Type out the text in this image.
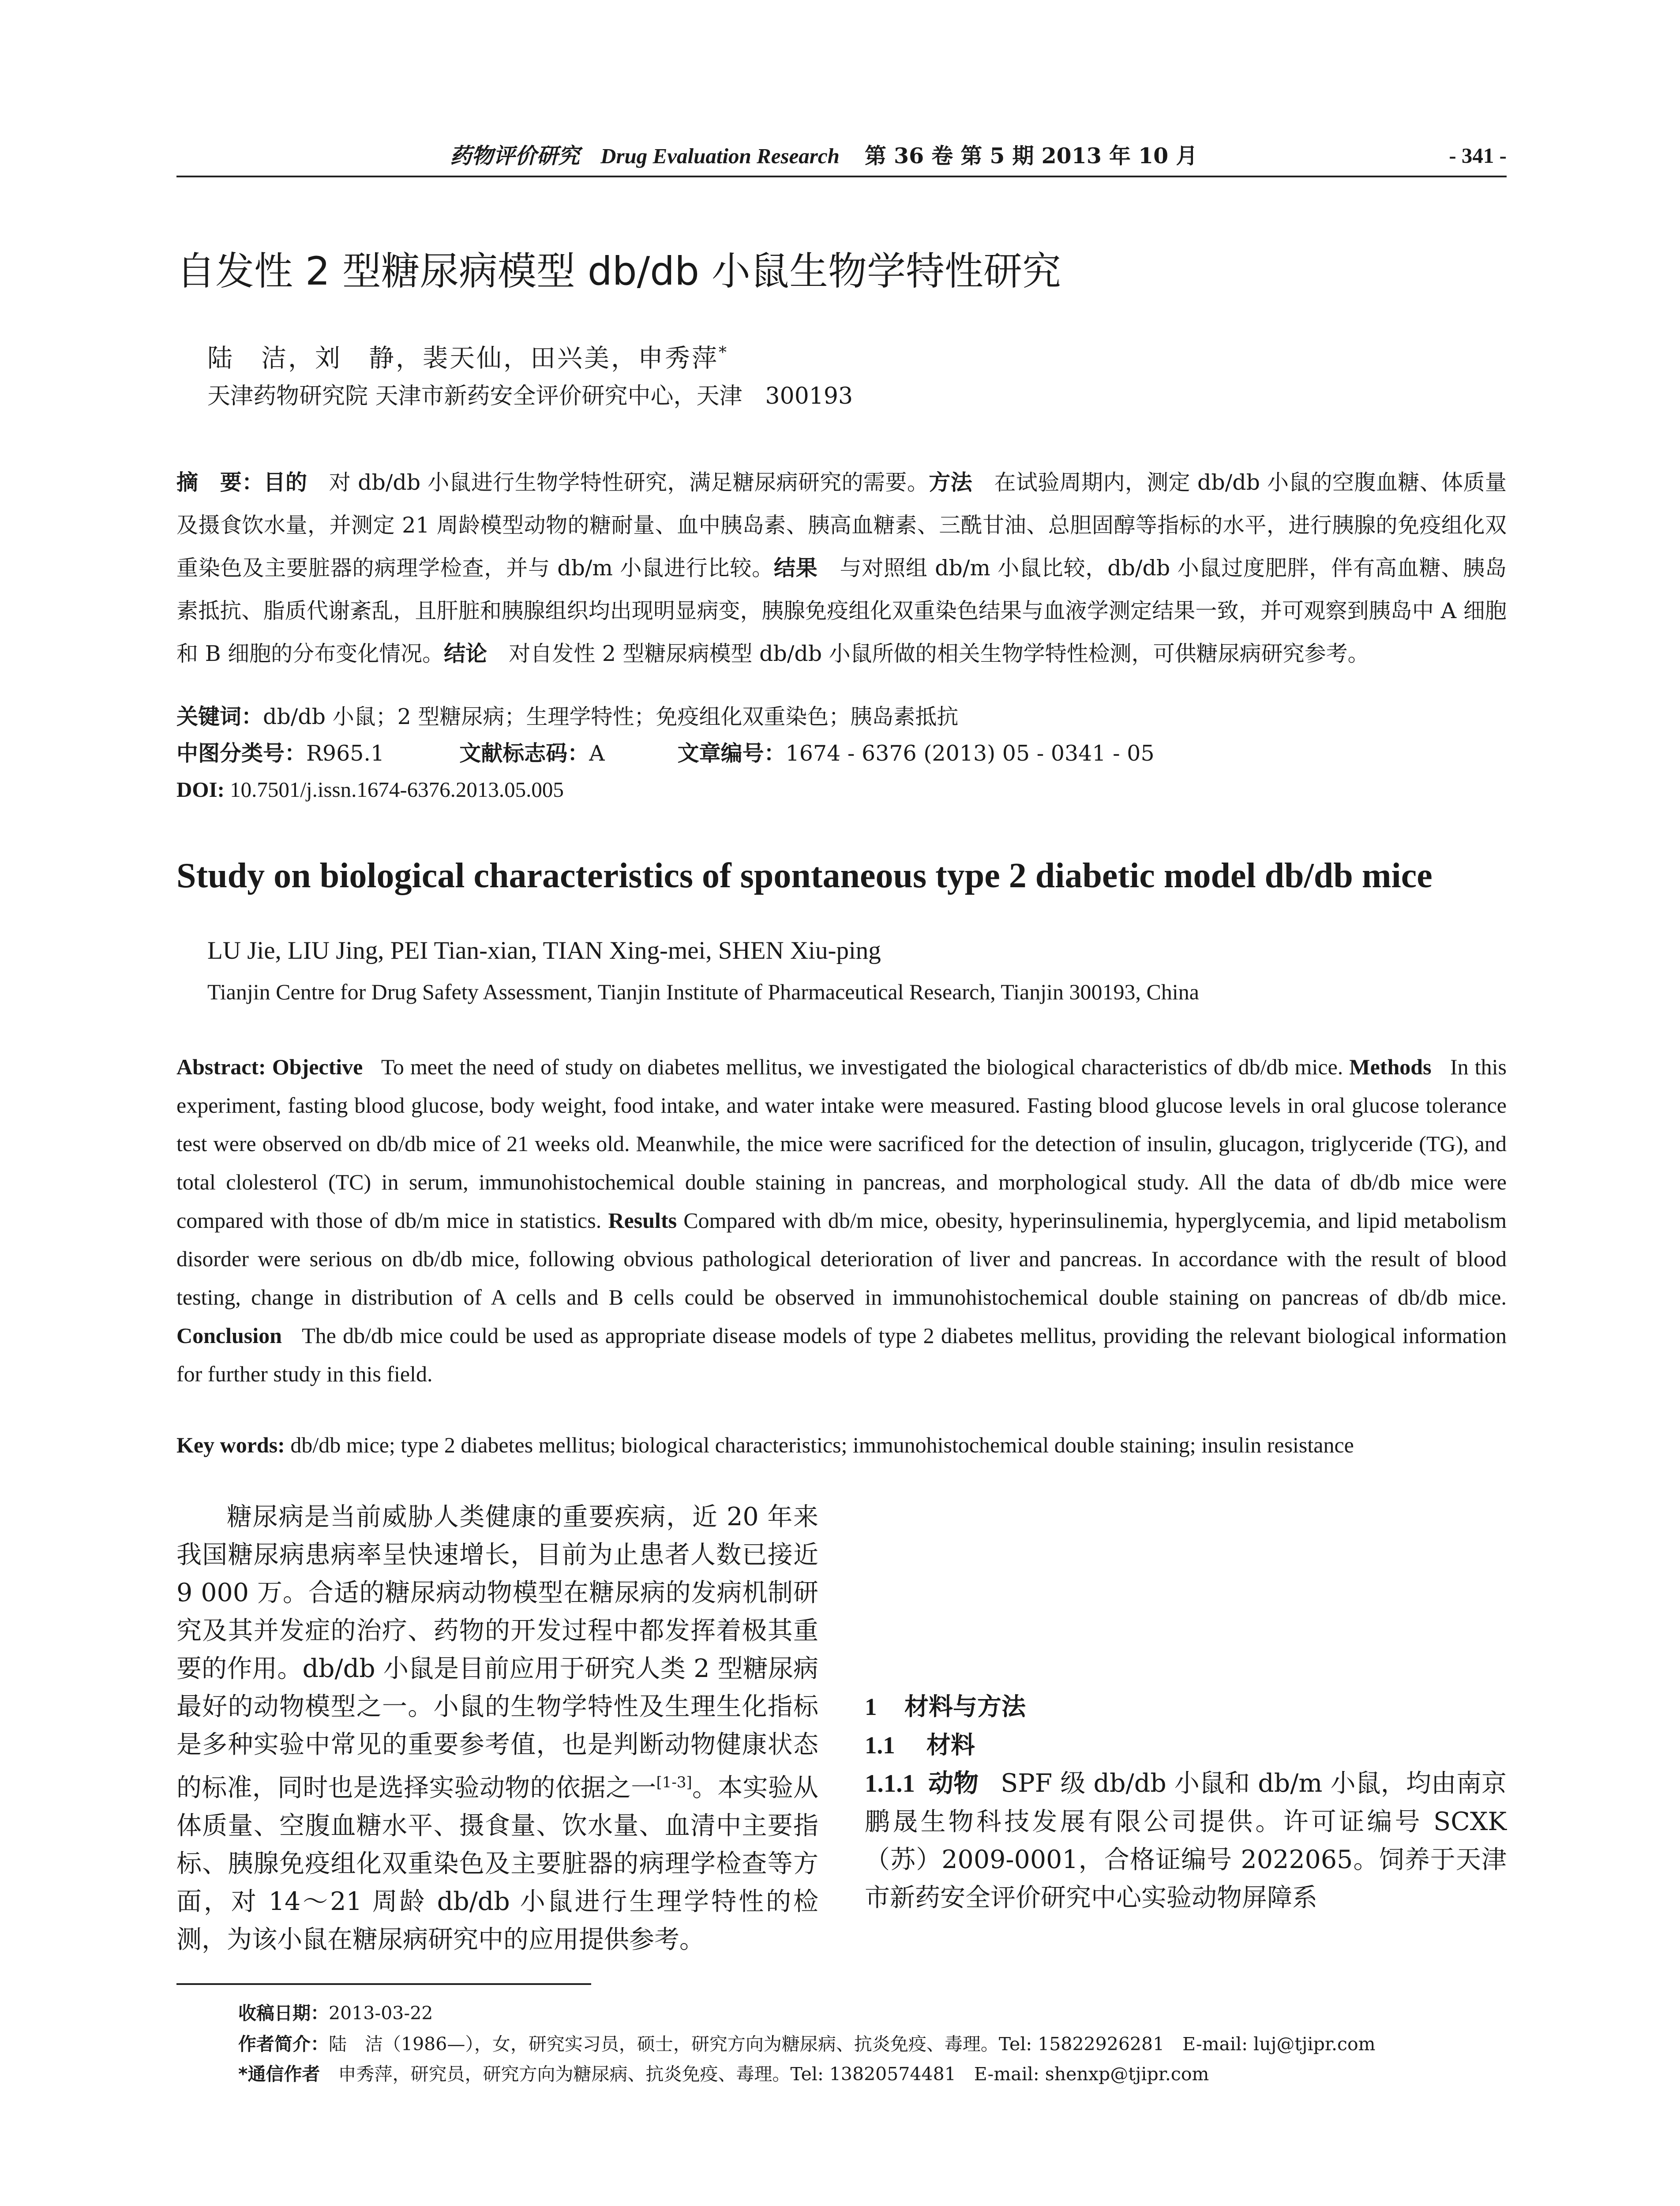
药物评价研究 Drug Evaluation Research 第 36 卷 第 5 期 2013 年 10 月	- 341 -
自发性 2 型糖尿病模型 db/db 小鼠生物学特性研究
陆　洁，刘　静，裴天仙，田兴美，申秀萍*
天津药物研究院 天津市新药安全评价研究中心，天津　300193
摘　要：目的　 对 db/db 小鼠进行生物学特性研究，满足糖尿病研究的需要。方法　 在试验周期内，测定 db/db 小鼠的空腹血糖、体质量及摄食饮水量，并测定 21 周龄模型动物的糖耐量、血中胰岛素、胰高血糖素、三酰甘油、总胆固醇等指标的水平，进行胰腺的免疫组化双重染色及主要脏器的病理学检查，并与 db/m 小鼠进行比较。结果　 与对照组 db/m 小鼠比较，db/db 小鼠过度肥胖，伴有高血糖、胰岛素抵抗、脂质代谢紊乱，且肝脏和胰腺组织均出现明显病变，胰腺免疫组化双重染色结果与血液学测定结果一致，并可观察到胰岛中 A 细胞和 B 细胞的分布变化情况。结论　 对自发性 2 型糖尿病模型 db/db 小鼠所做的相关生物学特性检测，可供糖尿病研究参考。
关键词：db/db 小鼠；2 型糖尿病；生理学特性；免疫组化双重染色；胰岛素抵抗
中图分类号：R965.1	文献标志码：A	文章编号：1674 - 6376 (2013) 05 - 0341 - 05
DOI: 10.7501/j.issn.1674-6376.2013.05.005
Study on biological characteristics of spontaneous type 2 diabetic model db/db mice
LU Jie, LIU Jing, PEI Tian-xian, TIAN Xing-mei, SHEN Xiu-ping
Tianjin Centre for Drug Safety Assessment, Tianjin Institute of Pharmaceutical Research, Tianjin 300193, China
Abstract: Objective To meet the need of study on diabetes mellitus, we investigated the biological characteristics of db/db mice. Methods In this experiment, fasting blood glucose, body weight, food intake, and water intake were measured. Fasting blood glucose levels in oral glucose tolerance test were observed on db/db mice of 21 weeks old. Meanwhile, the mice were sacrificed for the detection of insulin, glucagon, triglyceride (TG), and total clolesterol (TC) in serum, immunohistochemical double staining in pancreas, and morphological study. All the data of db/db mice were compared with those of db/m mice in statistics. Results Compared with db/m mice, obesity, hyperinsulinemia, hyperglycemia, and lipid metabolism disorder were serious on db/db mice, following obvious pathological deterioration of liver and pancreas. In accordance with the result of blood testing, change in distribution of A cells and B cells could be observed in immunohistochemical double staining on pancreas of db/db mice. Conclusion The db/db mice could be used as appropriate disease models of type 2 diabetes mellitus, providing the relevant biological information for further study in this field.
Key words: db/db mice; type 2 diabetes mellitus; biological characteristics; immunohistochemical double staining; insulin resistance

糖尿病是当前威胁人类健康的重要疾病，近 20 年来我国糖尿病患病率呈快速增长，目前为止患者人数已接近 9 000 万。合适的糖尿病动物模型在糖尿病的发病机制研究及其并发症的治疗、药物的开发过程中都发挥着极其重要的作用。db/db 小鼠是目前应用于研究人类 2 型糖尿病最好的动物模型之一。小鼠的生物学特性及生理生化指标是多种实验中常见的重要参考值，也是判断动物健康状态的标准，同时也是选择实验动物的依据之一[1-3]。本实验从体质量、空腹血糖水平、摄食量、饮水量、血清中主要指标、胰腺免疫组化双重染色及主要脏器的病理学检查等方面，对 14～21 周龄 db/db 小鼠进行生理学特性的检测，为该小鼠在糖尿病研究中的应用提供参考。

1 材料与方法

1.1 材料

1.1.1 动物 SPF 级 db/db 小鼠和 db/m 小鼠，均由南京鹏晟生物科技发展有限公司提供。许可证编号 SCXK（苏）2009-0001，合格证编号 2022065。饲养于天津市新药安全评价研究中心实验动物屏障系

收稿日期：2013-03-22
作者简介：陆　洁（1986—），女，研究实习员，硕士，研究方向为糖尿病、抗炎免疫、毒理。Tel: 15822926281　E-mail: luj@tjipr.com
*通信作者　 申秀萍，研究员，研究方向为糖尿病、抗炎免疫、毒理。Tel: 13820574481　E-mail: shenxp@tjipr.com
